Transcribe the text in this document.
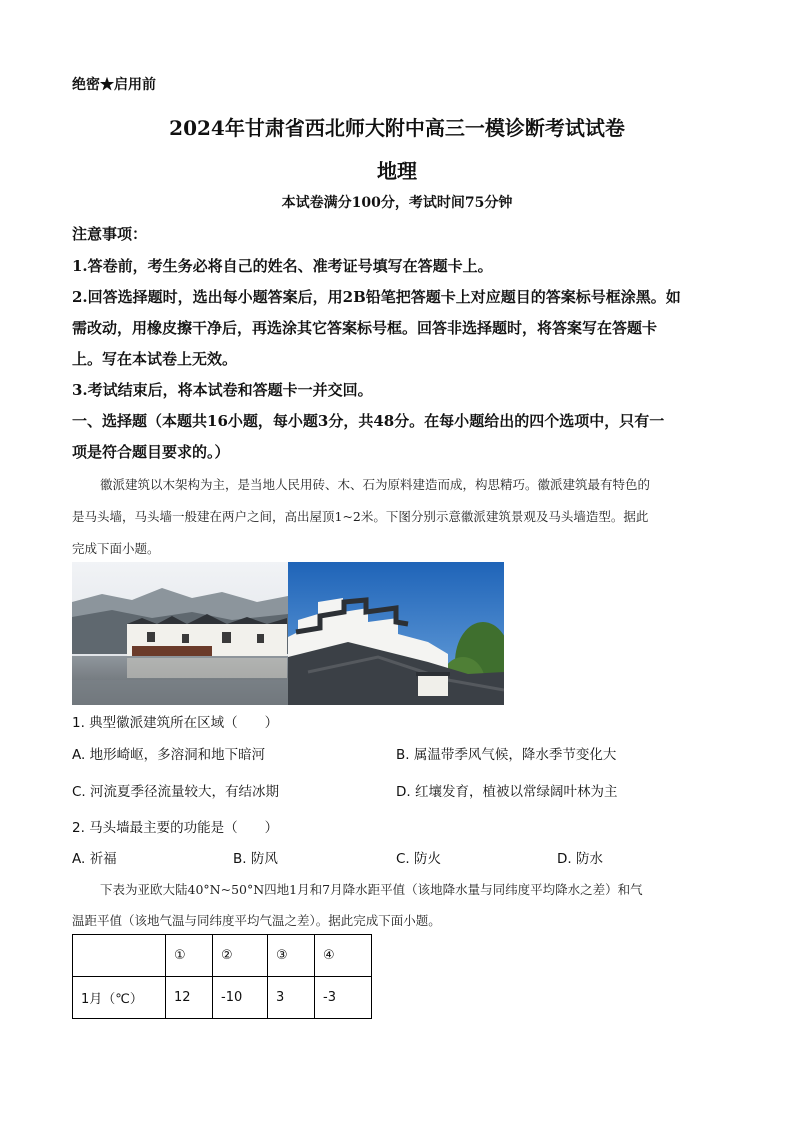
绝密★启用前
2024年甘肃省西北师大附中高三一模诊断考试试卷
地理
本试卷满分100分，考试时间75分钟
注意事项：
1.答卷前，考生务必将自己的姓名、准考证号填写在答题卡上。
2.回答选择题时，选出每小题答案后，用2B铅笔把答题卡上对应题目的答案标号框涂黑。如
需改动，用橡皮擦干净后，再选涂其它答案标号框。回答非选择题时，将答案写在答题卡
上。写在本试卷上无效。
3.考试结束后，将本试卷和答题卡一并交回。
一、选择题（本题共16小题，每小题3分，共48分。在每小题给出的四个选项中，只有一
项是符合题目要求的。）
徽派建筑以木架构为主，是当地人民用砖、木、石为原料建造而成，构思精巧。徽派建筑最有特色的
是马头墙，马头墙一般建在两户之间，高出屋顶1~2米。下图分别示意徽派建筑景观及马头墙造型。据此
完成下面小题。
1. 典型徽派建筑所在区域（　　）
A. 地形崎岖，多溶洞和地下暗河	B. 属温带季风气候，降水季节变化大
C. 河流夏季径流量较大，有结冰期	D. 红壤发育，植被以常绿阔叶林为主
2. 马头墙最主要的功能是（　　）
A. 祈福	B. 防风	C. 防火	D. 防水
下表为亚欧大陆40°N~50°N四地1月和7月降水距平值（该地降水量与同纬度平均降水之差）和气
温距平值（该地气温与同纬度平均气温之差）。据此完成下面小题。
	①	②	③	④
1月（℃）	12	-10	3	-3
